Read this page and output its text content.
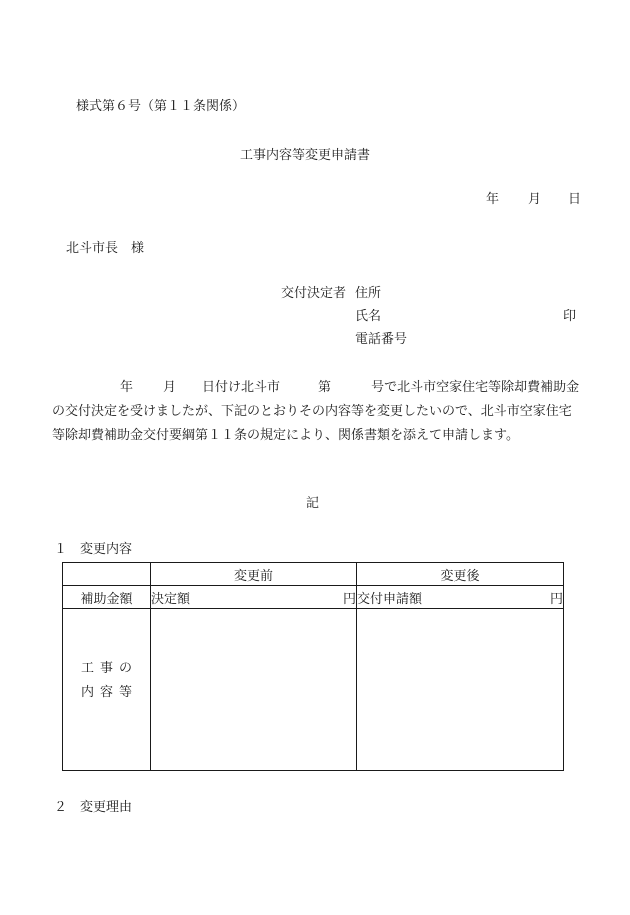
様式第６号（第１１条関係）
工事内容等変更申請書
年 月 日
北斗市長　様
交付決定者 住所
氏名	印
電話番号
年 月 日付け北斗市	第	号で北斗市空家住宅等除却費補助金の交付決定を受けましたが、下記のとおりその内容等を変更したいので、北斗市空家住宅等除却費補助金交付要綱第１１条の規定により、関係書類を添えて申請します。
記
１　変更内容
	変更前	変更後
補助金額	決定額 円	交付申請額 円

工事の
内容等		

２　変更理由
